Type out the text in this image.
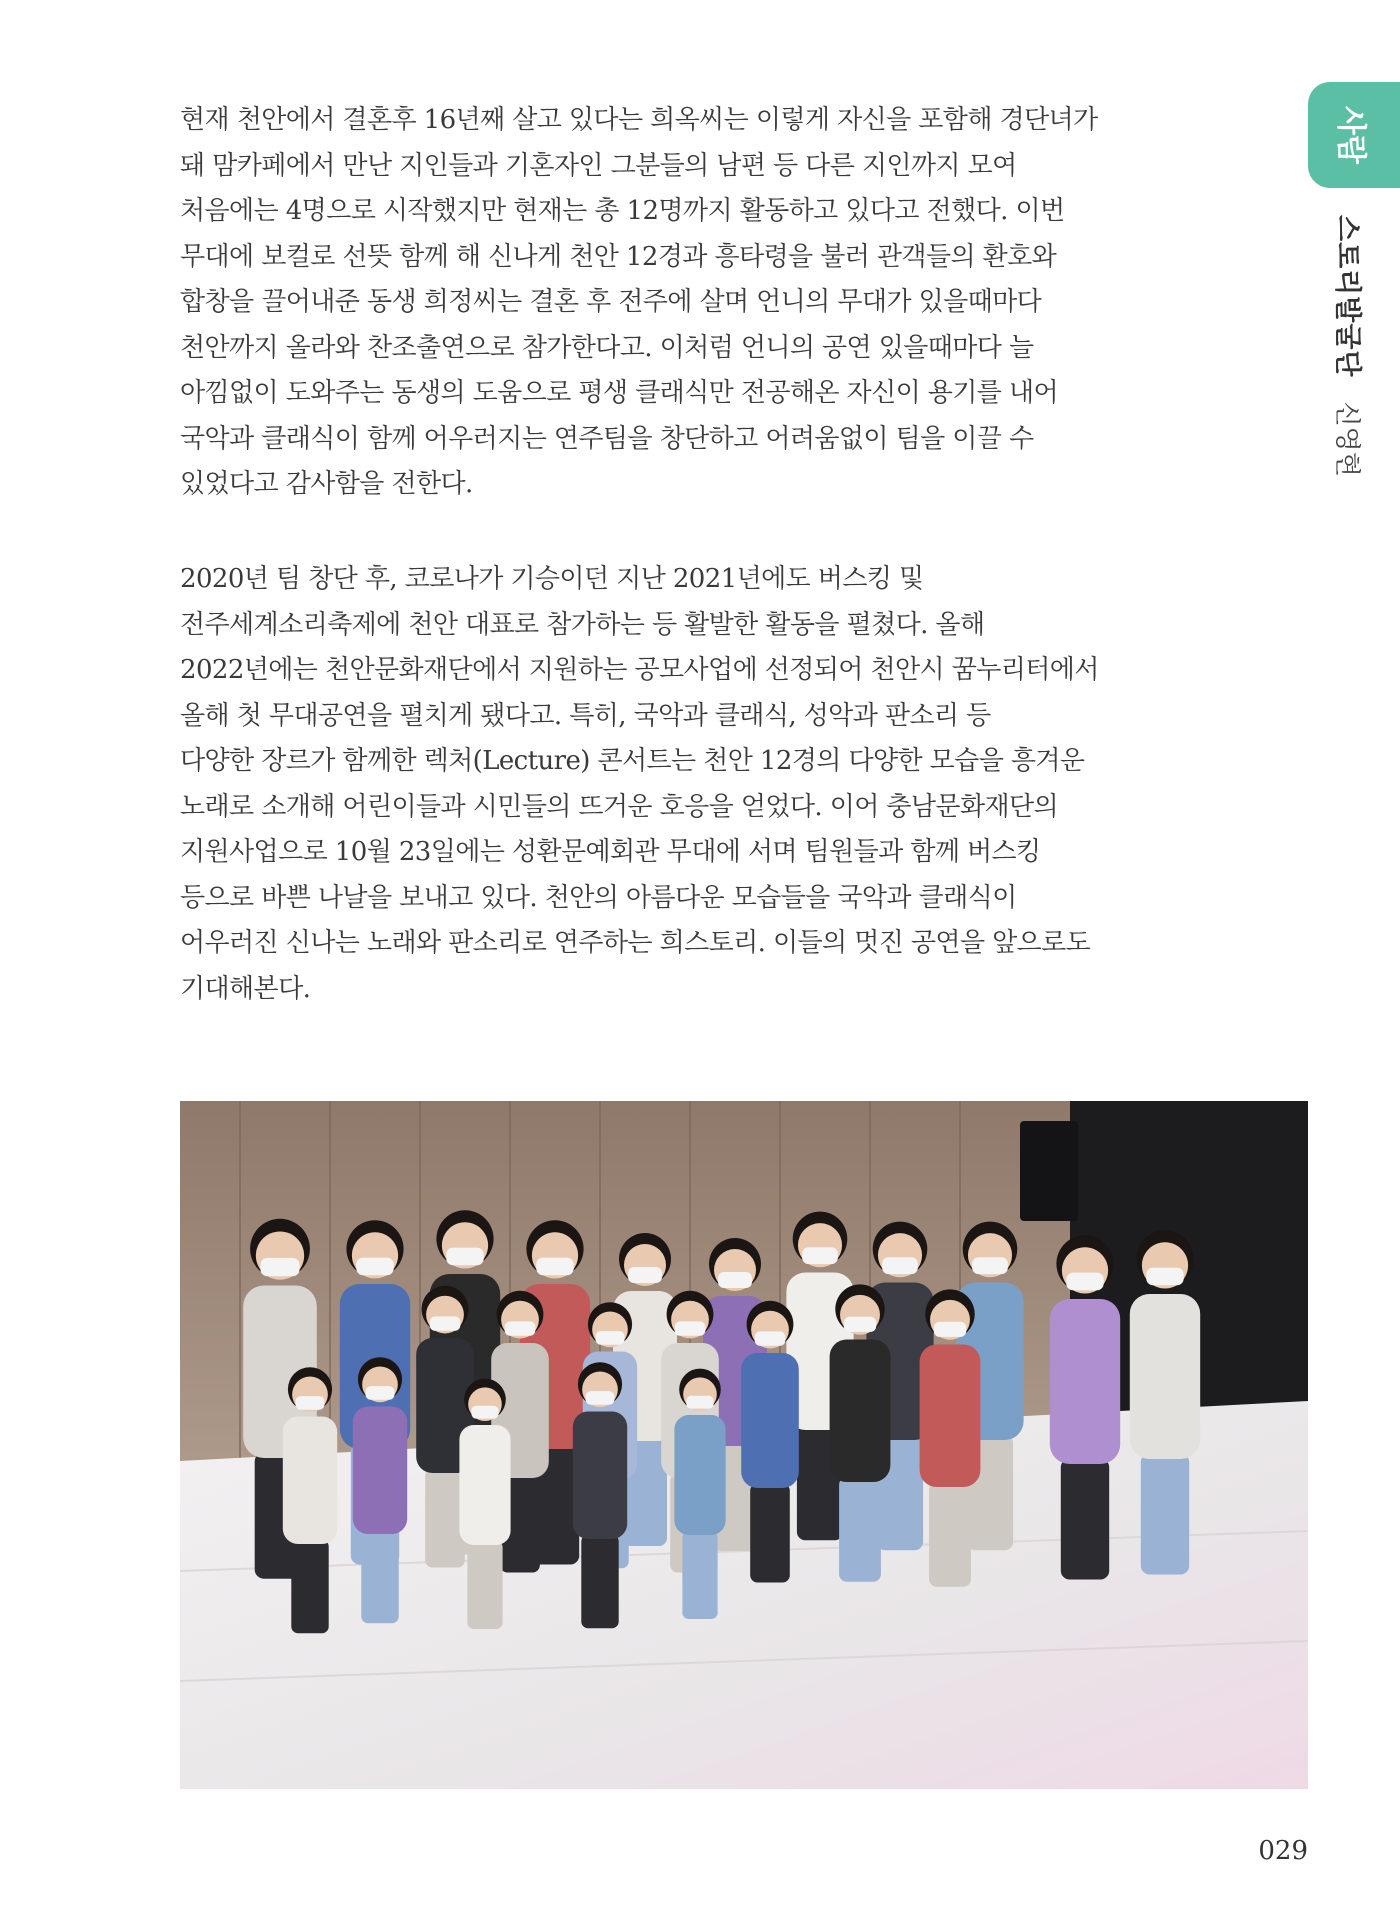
사람
스토리발굴단신영현
현재 천안에서 결혼후 16년째 살고 있다는 희옥씨는 이렇게 자신을 포함해 경단녀가
돼 맘카페에서 만난 지인들과 기혼자인 그분들의 남편 등 다른 지인까지 모여
처음에는 4명으로 시작했지만 현재는 총 12명까지 활동하고 있다고 전했다. 이번
무대에 보컬로 선뜻 함께 해 신나게 천안 12경과 흥타령을 불러 관객들의 환호와
합창을 끌어내준 동생 희정씨는 결혼 후 전주에 살며 언니의 무대가 있을때마다
천안까지 올라와 찬조출연으로 참가한다고. 이처럼 언니의 공연 있을때마다 늘
아낌없이 도와주는 동생의 도움으로 평생 클래식만 전공해온 자신이 용기를 내어
국악과 클래식이 함께 어우러지는 연주팀을 창단하고 어려움없이 팀을 이끌 수
있었다고 감사함을 전한다.
2020년 팀 창단 후, 코로나가 기승이던 지난 2021년에도 버스킹 및
전주세계소리축제에 천안 대표로 참가하는 등 활발한 활동을 펼쳤다. 올해
2022년에는 천안문화재단에서 지원하는 공모사업에 선정되어 천안시 꿈누리터에서
올해 첫 무대공연을 펼치게 됐다고. 특히, 국악과 클래식, 성악과 판소리 등
다양한 장르가 함께한 렉처(Lecture) 콘서트는 천안 12경의 다양한 모습을 흥겨운
노래로 소개해 어린이들과 시민들의 뜨거운 호응을 얻었다. 이어 충남문화재단의
지원사업으로 10월 23일에는 성환문예회관 무대에 서며 팀원들과 함께 버스킹
등으로 바쁜 나날을 보내고 있다. 천안의 아름다운 모습들을 국악과 클래식이
어우러진 신나는 노래와 판소리로 연주하는 희스토리. 이들의 멋진 공연을 앞으로도
기대해본다.
029
